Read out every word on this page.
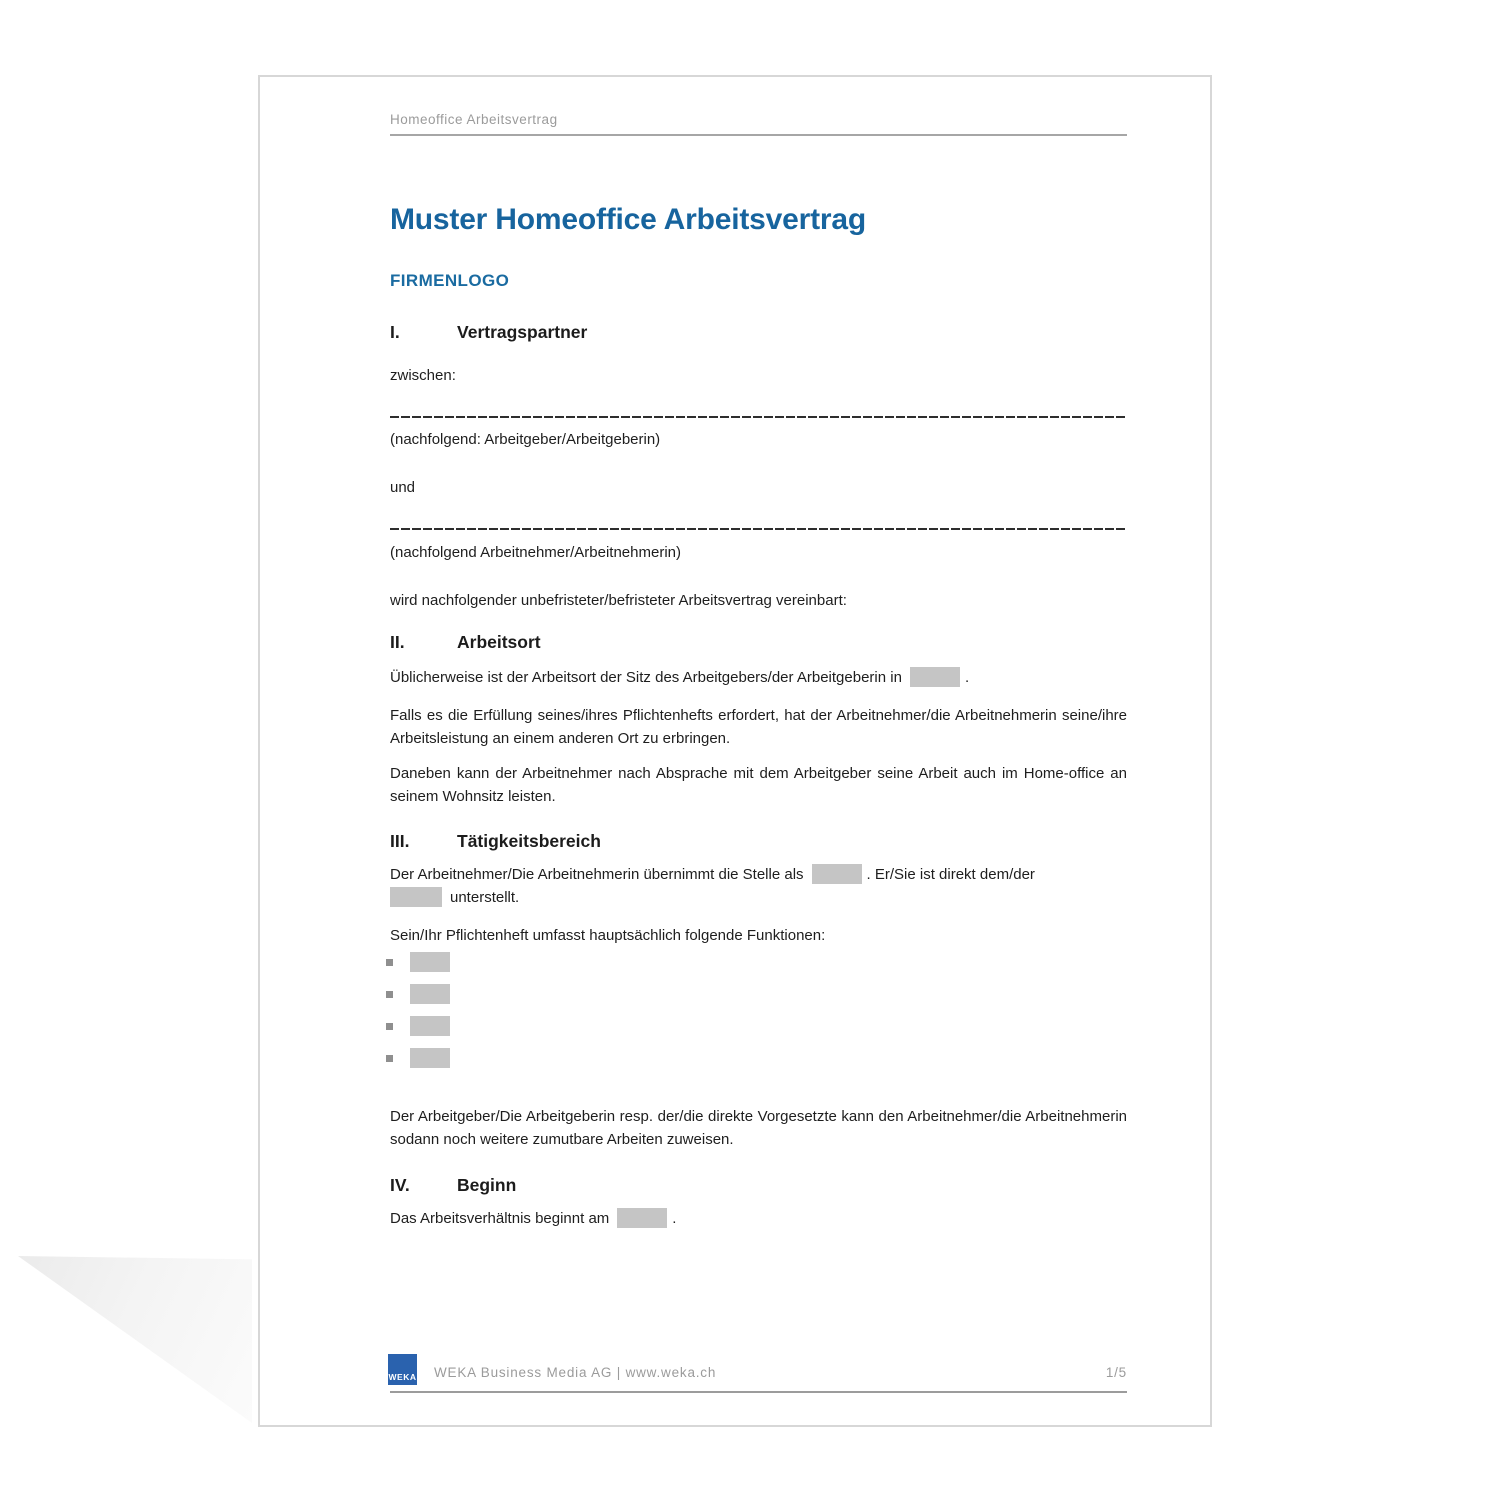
Homeoffice Arbeitsvertrag
Muster Homeoffice Arbeitsvertrag
FIRMENLOGO
I.	Vertragspartner
zwischen:
(nachfolgend: Arbeitgeber/Arbeitgeberin)
und
(nachfolgend Arbeitnehmer/Arbeitnehmerin)
wird nachfolgender unbefristeter/befristeter Arbeitsvertrag vereinbart:
II.	Arbeitsort
Üblicherweise ist der Arbeitsort der Sitz des Arbeitgebers/der Arbeitgeberin in	.
Falls es die Erfüllung seines/ihres Pflichtenhefts erfordert, hat der Arbeitnehmer/die Arbeitnehmerin seine/ihre Arbeitsleistung an einem anderen Ort zu erbringen.
Daneben kann der Arbeitnehmer nach Absprache mit dem Arbeitgeber seine Arbeit auch im Home-office an seinem Wohnsitz leisten.
III.	Tätigkeitsbereich
Der Arbeitnehmer/Die Arbeitnehmerin übernimmt die Stelle als	. Er/Sie ist direkt dem/der
unterstellt.
Sein/Ihr Pflichtenheft umfasst hauptsächlich folgende Funktionen:
Der Arbeitgeber/Die Arbeitgeberin resp. der/die direkte Vorgesetzte kann den Arbeitnehmer/die Arbeitnehmerin sodann noch weitere zumutbare Arbeiten zuweisen.
IV.	Beginn
Das Arbeitsverhältnis beginnt am	.
WEKA WEKA Business Media AG | www.weka.ch	1/5
